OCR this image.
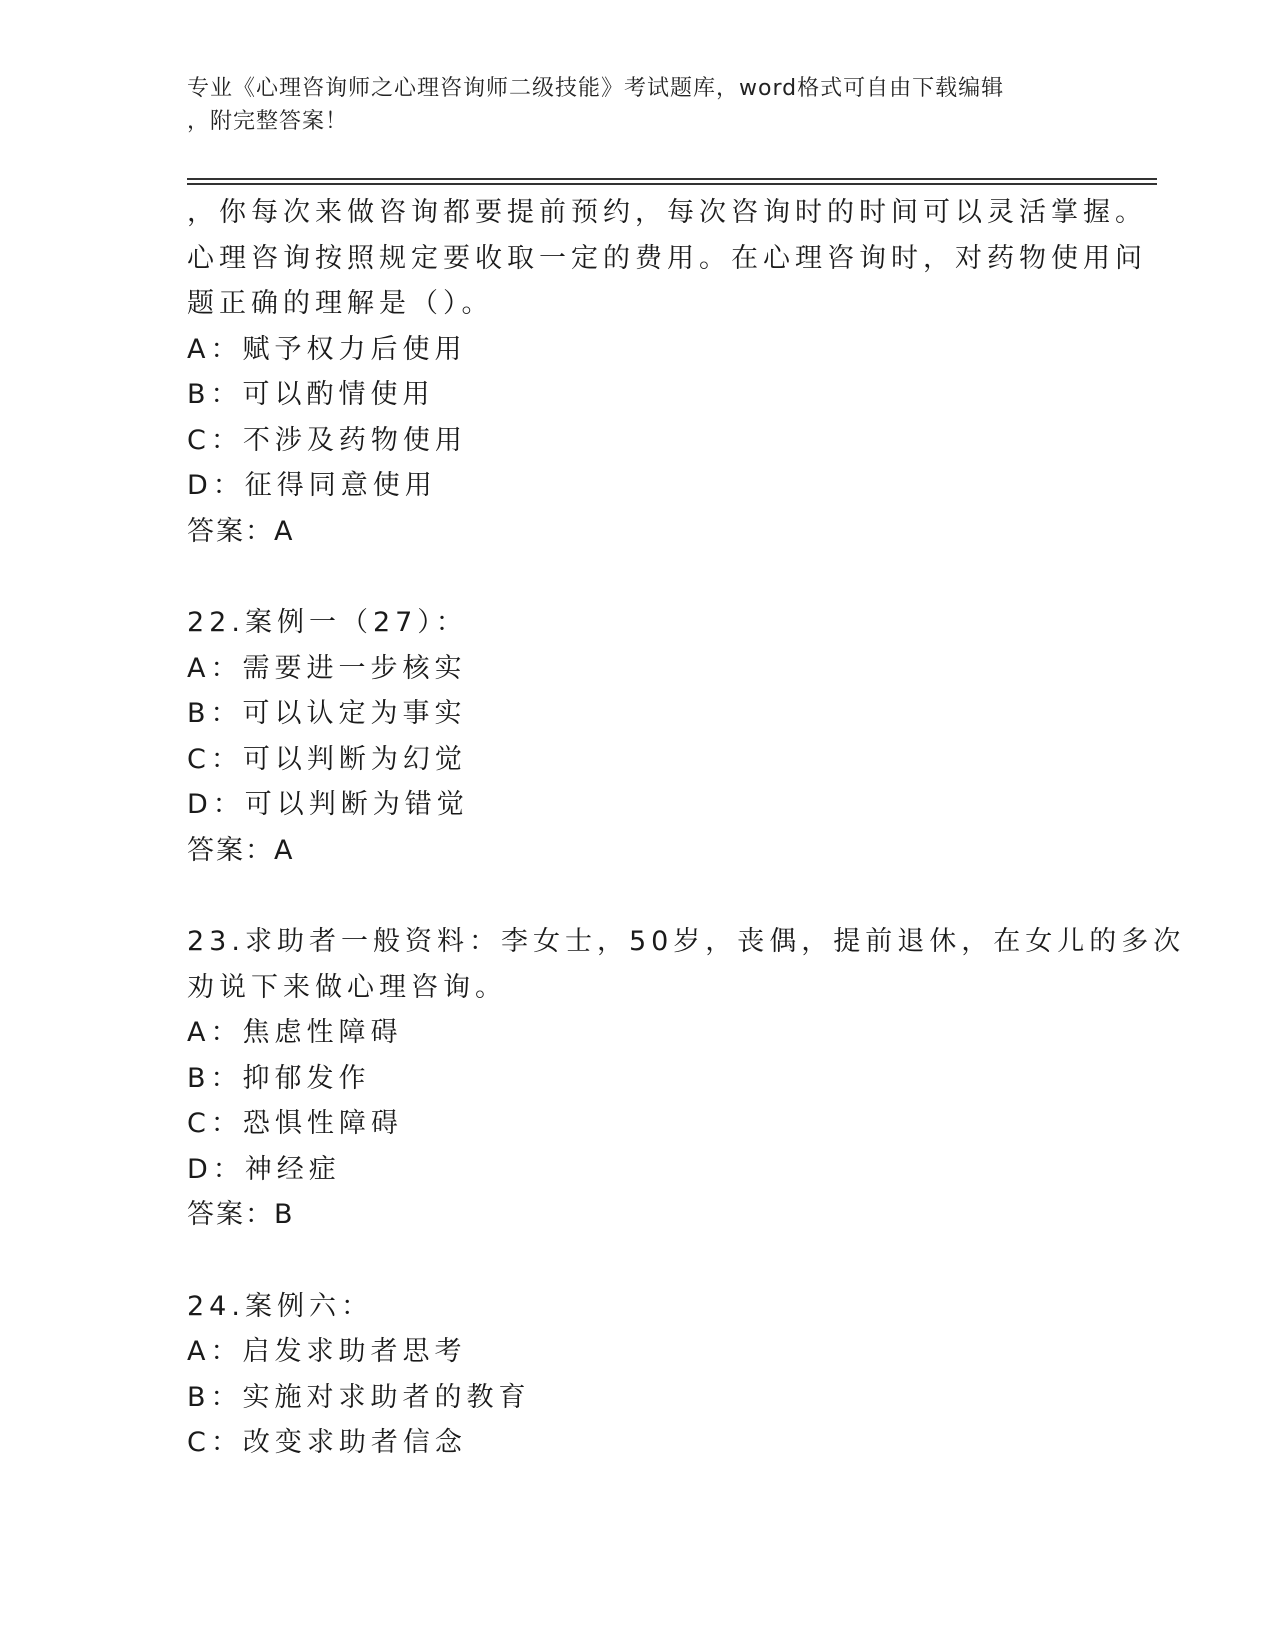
专业《心理咨询师之心理咨询师二级技能》考试题库，word格式可自由下载编辑
，附完整答案！
，你每次来做咨询都要提前预约，每次咨询时的时间可以灵活掌握。
心理咨询按照规定要收取一定的费用。在心理咨询时，对药物使用问
题正确的理解是（）。
A：赋予权力后使用
B：可以酌情使用
C：不涉及药物使用
D：征得同意使用
答案：A
22.案例一（27）：
A：需要进一步核实
B：可以认定为事实
C：可以判断为幻觉
D：可以判断为错觉
答案：A
23.求助者一般资料：李女士，50岁，丧偶，提前退休，在女儿的多次
劝说下来做心理咨询。
A：焦虑性障碍
B：抑郁发作
C：恐惧性障碍
D：神经症
答案：B
24.案例六：
A：启发求助者思考
B：实施对求助者的教育
C：改变求助者信念
